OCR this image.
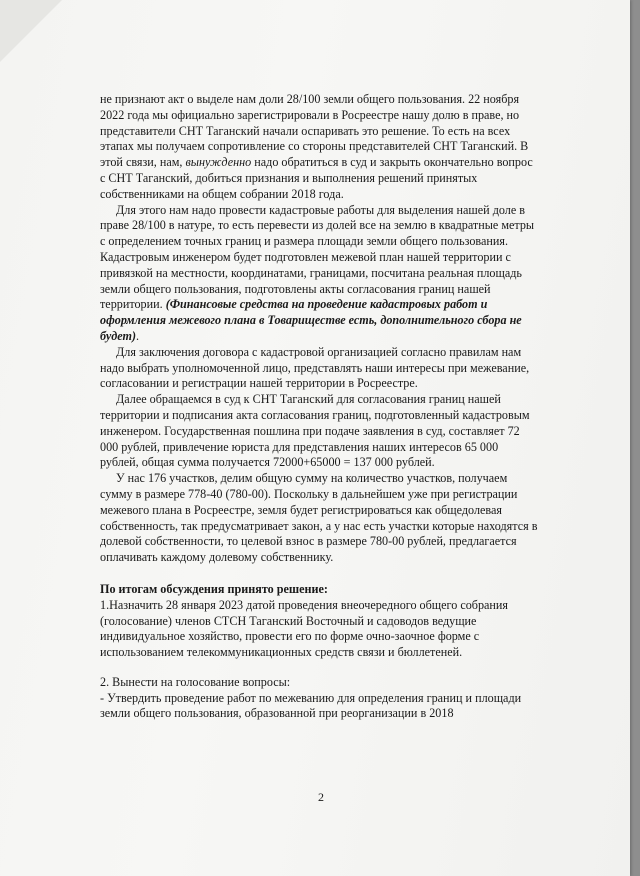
не признают акт о выделе нам доли 28/100 земли общего пользования. 22 ноября 2022 года мы официально зарегистрировали в Росреестре нашу долю в праве, но представители СНТ Таганский начали оспаривать это решение. То есть на всех этапах мы получаем сопротивление со стороны представителей СНТ Таганский. В этой связи, нам, вынужденно надо обратиться в суд и закрыть окончательно вопрос с СНТ Таганский, добиться признания и выполнения решений принятых собственниками на общем собрании 2018 года.

Для этого нам надо провести кадастровые работы для выделения нашей доле в праве 28/100 в натуре, то есть перевести из долей все на землю в квадратные метры с определением точных границ и размера площади земли общего пользования. Кадастровым инженером будет подготовлен межевой план нашей территории с привязкой на местности, координатами, границами, посчитана реальная площадь земли общего пользования, подготовлены акты согласования границ нашей территории. (Финансовые средства на проведение кадастровых работ и оформления межевого плана в Товариществе есть, дополнительного сбора не будет).

Для заключения договора с кадастровой организацией согласно правилам нам надо выбрать уполномоченной лицо, представлять наши интересы при межевание, согласовании и регистрации нашей территории в Росреестре.

Далее обращаемся в суд к СНТ Таганский для согласования границ нашей территории и подписания акта согласования границ, подготовленный кадастровым инженером. Государственная пошлина при подаче заявления в суд, составляет 72 000 рублей, привлечение юриста для представления наших интересов 65 000 рублей, общая сумма получается 72000+65000 = 137 000 рублей.

У нас 176 участков, делим общую сумму на количество участков, получаем сумму в размере 778-40 (780-00). Поскольку в дальнейшем уже при регистрации межевого плана в Росреестре, земля будет регистрироваться как общедолевая собственность, так предусматривает закон, а у нас есть участки которые находятся в долевой собственности, то целевой взнос в размере 780-00 рублей, предлагается оплачивать каждому долевому собственнику.

По итогам обсуждения принято решение:

1.Назначить 28 января 2023 датой проведения внеочередного общего собрания (голосование) членов СТСН Таганский Восточный и садоводов ведущие индивидуальное хозяйство, провести его по форме очно-заочное форме с использованием телекоммуникационных средств связи и бюллетеней.

2. Вынести на голосование вопросы:

- Утвердить проведение работ по межеванию для определения границ и площади земли общего пользования, образованной при реорганизации в 2018

2
